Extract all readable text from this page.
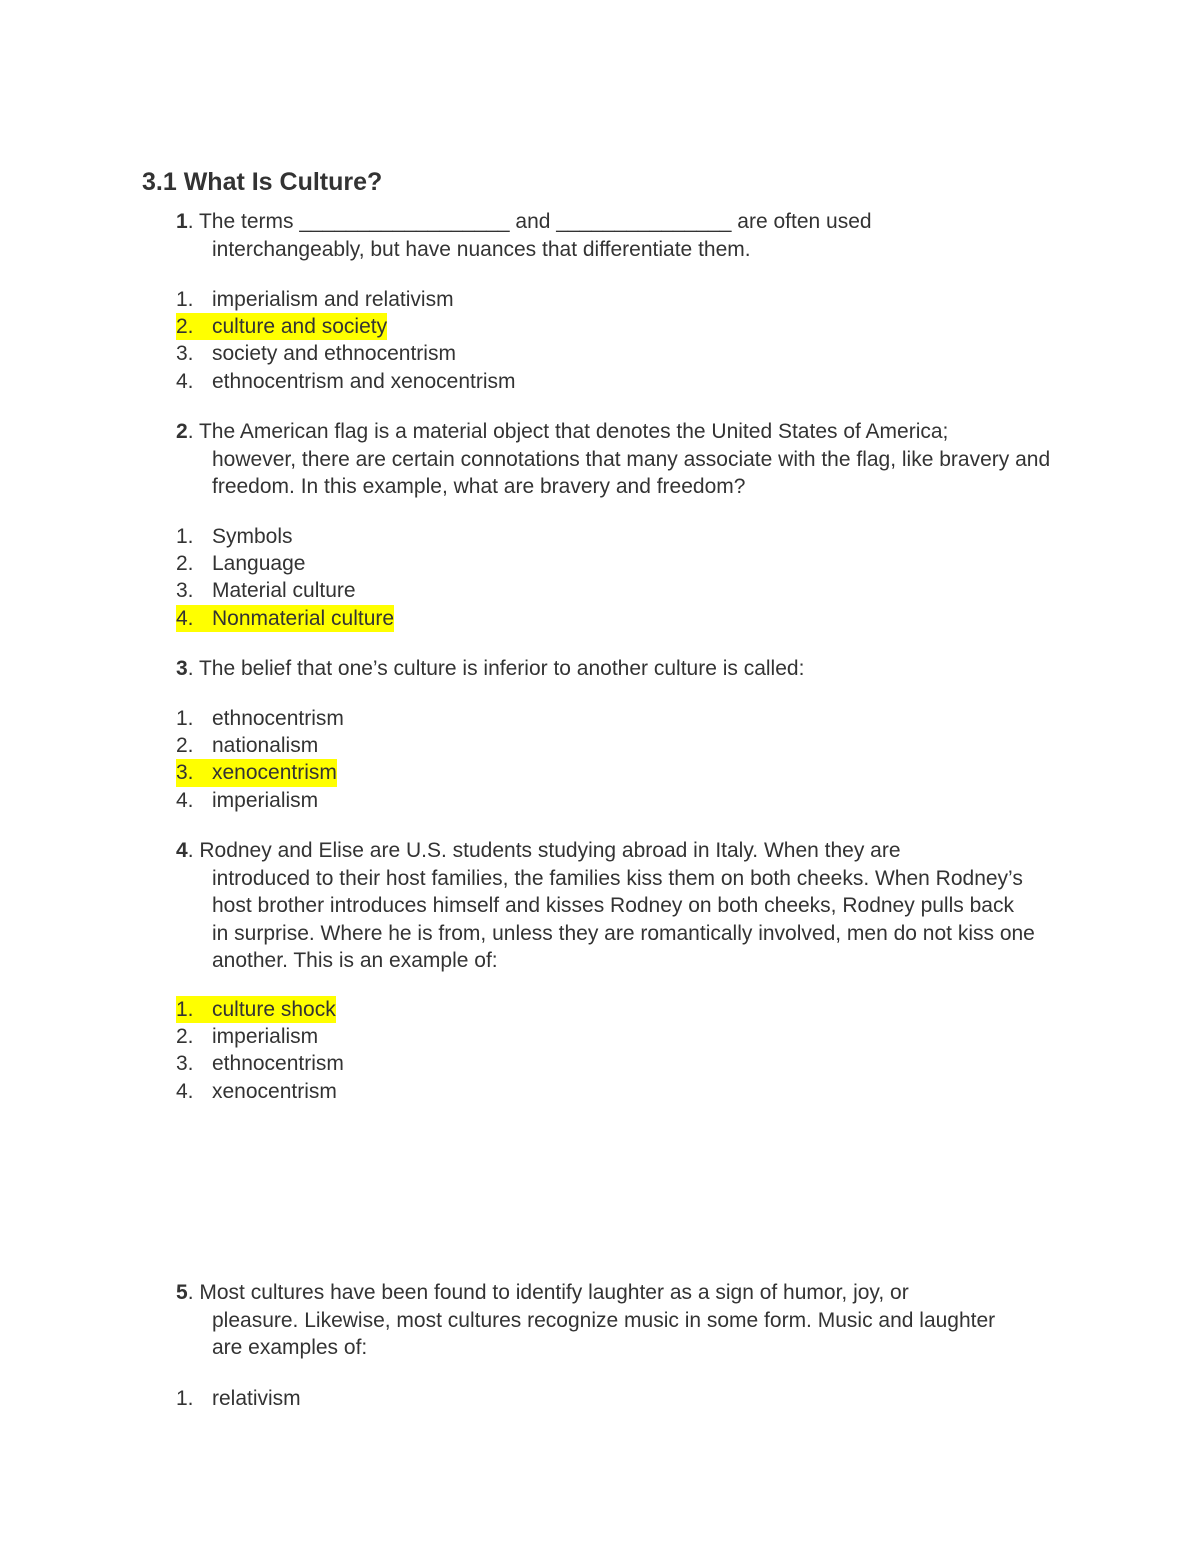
3.1 What Is Culture?
1. The terms __________________ and _______________ are often used
interchangeably, but have nuances that differentiate them.
1. imperialism and relativism
2. culture and society
3. society and ethnocentrism
4. ethnocentrism and xenocentrism
2. The American flag is a material object that denotes the United States of America;
however, there are certain connotations that many associate with the flag, like bravery and freedom. In this example, what are bravery and freedom?
1. Symbols
2. Language
3. Material culture
4. Nonmaterial culture
3. The belief that one’s culture is inferior to another culture is called:
1. ethnocentrism
2. nationalism
3. xenocentrism
4. imperialism
4. Rodney and Elise are U.S. students studying abroad in Italy. When they are
introduced to their host families, the families kiss them on both cheeks. When Rodney’s host brother introduces himself and kisses Rodney on both cheeks, Rodney pulls back in surprise. Where he is from, unless they are romantically involved, men do not kiss one another. This is an example of:
1. culture shock
2. imperialism
3. ethnocentrism
4. xenocentrism
5. Most cultures have been found to identify laughter as a sign of humor, joy, or
pleasure. Likewise, most cultures recognize music in some form. Music and laughter are examples of:
1. relativism
